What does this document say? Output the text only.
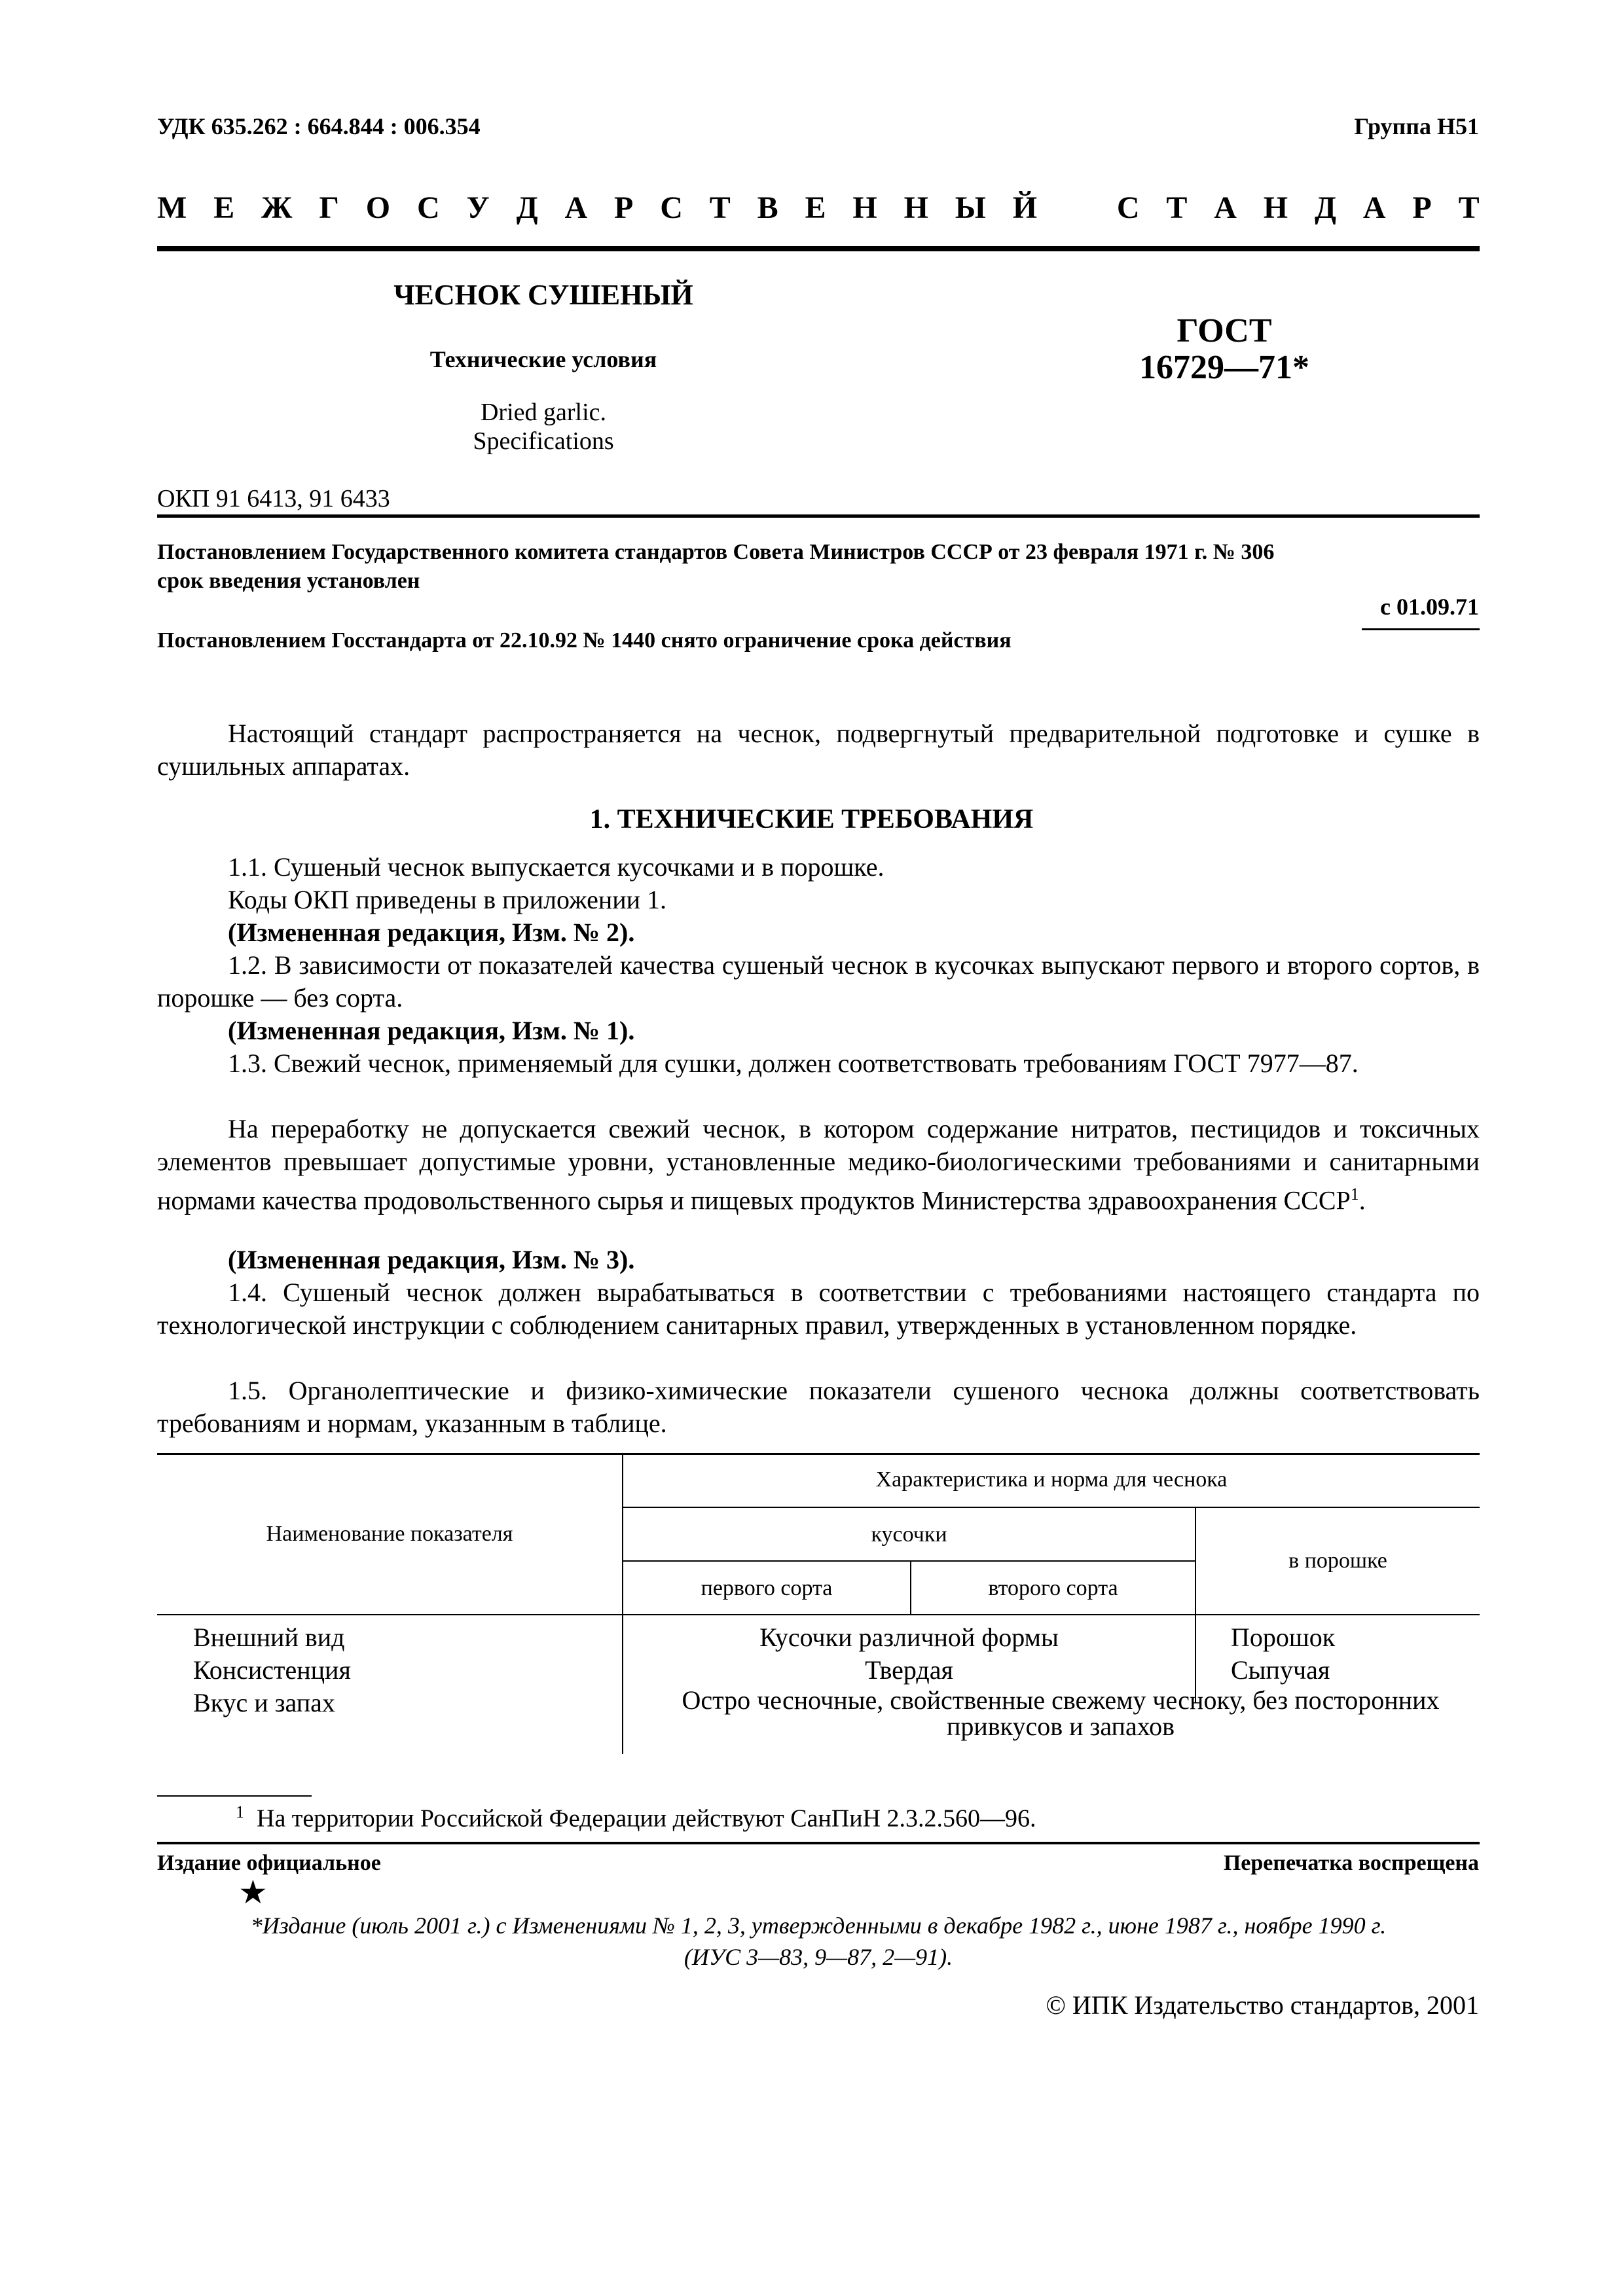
УДК 635.262 : 664.844 : 006.354	Группа Н51
М Е Ж Г О С У Д А Р С Т В Е Н Н Ы Й	С Т А Н Д А Р Т
ЧЕСНОК СУШЕНЫЙ
Технические условия
Dried garlic.
Specifications
ГОСТ
16729—71*
ОКП 91 6413, 91 6433
Постановлением Государственного комитета стандартов Совета Министров СССР от 23 февраля 1971 г. № 306
срок введения установлен
с 01.09.71
Постановлением Госстандарта от 22.10.92 № 1440 снято ограничение срока действия
Настоящий стандарт распространяется на чеснок, подвергнутый предварительной подготовке и сушке в сушильных аппаратах.
1. ТЕХНИЧЕСКИЕ ТРЕБОВАНИЯ
1.1. Сушеный чеснок выпускается кусочками и в порошке.
Коды ОКП приведены в приложении 1.
(Измененная редакция, Изм. № 2).
1.2. В зависимости от показателей качества сушеный чеснок в кусочках выпускают первого и второго сортов, в порошке — без сорта.
(Измененная редакция, Изм. № 1).
1.3. Свежий чеснок, применяемый для сушки, должен соответствовать требованиям ГОСТ 7977—87.
На переработку не допускается свежий чеснок, в котором содержание нитратов, пестицидов и токсичных элементов превышает допустимые уровни, установленные медико-биологическими требованиями и санитарными нормами качества продовольственного сырья и пищевых продуктов Министерства здравоохранения СССР$^1$.
(Измененная редакция, Изм. № 3).
1.4. Сушеный чеснок должен вырабатываться в соответствии с требованиями настоящего стандарта по технологической инструкции с соблюдением санитарных правил, утвержденных в установленном порядке.
1.5. Органолептические и физико-химические показатели сушеного чеснока должны соответствовать требованиям и нормам, указанным в таблице.
Наименование показателя
Характеристика и норма для чеснока
кусочки
первого сорта	второго сорта
в порошке
Внешний вид	Кусочки различной формы	Порошок
Консистенция	Твердая	Сыпучая
Вкус и запах	Остро чесночные, свойственные свежему чесноку, без посторонних привкусов и запахов
$^1$ На территории Российской Федерации действуют СанПиН 2.3.2.560—96.
Издание официальное	Перепечатка воспрещена
★
*Издание (июль 2001 г.) с Изменениями № 1, 2, 3, утвержденными в декабре 1982 г., июне 1987 г., ноябре 1990 г.
(ИУС 3—83, 9—87, 2—91).
© ИПК Издательство стандартов, 2001
